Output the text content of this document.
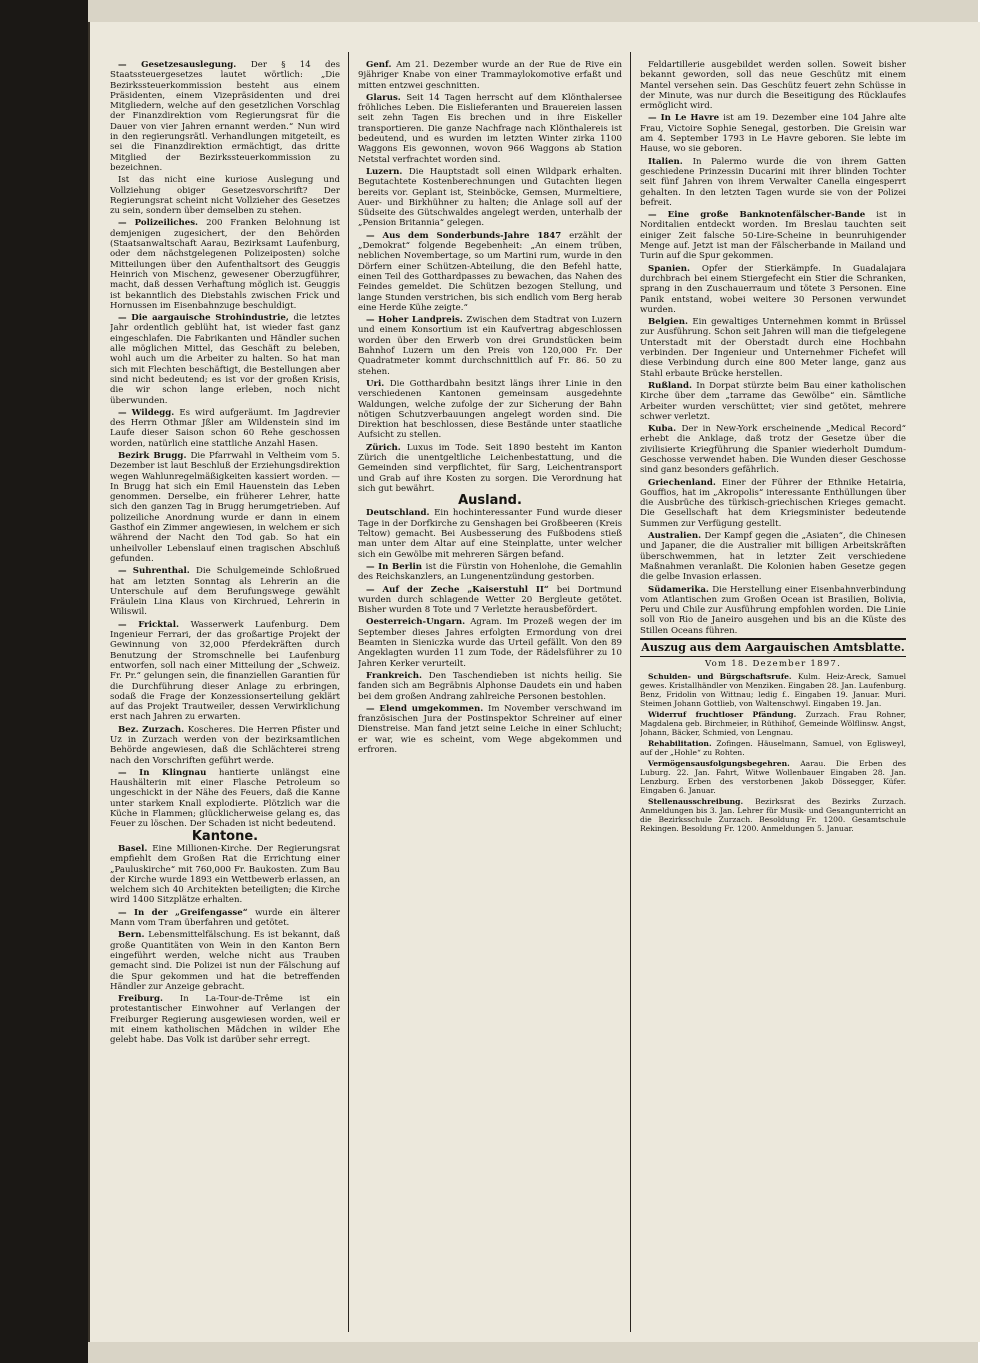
— Gesetzesauslegung. Der § 14 des Staatssteuergesetzes lautet wörtlich: „Die Bezirkssteuerkommission besteht aus einem Präsidenten, einem Vizepräsidenten und drei Mitgliedern, welche auf den gesetzlichen Vorschlag der Finanzdirektion vom Regierungsrat für die Dauer von vier Jahren ernannt werden.“ Nun wird in den regierungsrätl. Verhandlungen mitgeteilt, es sei die Finanzdirektion ermächtigt, das dritte Mitglied der Bezirkssteuerkommission zu bezeichnen.

Ist das nicht eine kuriose Auslegung und Vollziehung obiger Gesetzesvorschrift? Der Regierungsrat scheint nicht Vollzieher des Gesetzes zu sein, sondern über demselben zu stehen.

— Polizeiliches. 200 Franken Belohnung ist demjenigen zugesichert, der den Behörden (Staatsanwaltschaft Aarau, Bezirksamt Laufenburg, oder dem nächstgelegenen Polizeiposten) solche Mitteilungen über den Aufenthaltsort des Geuggis Heinrich von Mischenz, gewesener Oberzugführer, macht, daß dessen Verhaftung möglich ist. Geuggis ist bekanntlich des Diebstahls zwischen Frick und Hornussen im Eisenbahnzuge beschuldigt.

— Die aargauische Strohindustrie, die letztes Jahr ordentlich geblüht hat, ist wieder fast ganz eingeschlafen. Die Fabrikanten und Händler suchen alle möglichen Mittel, das Geschäft zu beleben, wohl auch um die Arbeiter zu halten. So hat man sich mit Flechten beschäftigt, die Bestellungen aber sind nicht bedeutend; es ist vor der großen Krisis, die wir schon lange erleben, noch nicht überwunden.

— Wildegg. Es wird aufgeräumt. Im Jagdrevier des Herrn Othmar Jßler am Wildenstein sind im Laufe dieser Saison schon 60 Rehe geschossen worden, natürlich eine stattliche Anzahl Hasen.

Bezirk Brugg. Die Pfarrwahl in Veltheim vom 5. Dezember ist laut Beschluß der Erziehungsdirektion wegen Wahlunregelmäßigkeiten kassiert worden. — In Brugg hat sich ein Emil Hauenstein das Leben genommen. Derselbe, ein früherer Lehrer, hatte sich den ganzen Tag in Brugg herumgetrieben. Auf polizeiliche Anordnung wurde er dann in einem Gasthof ein Zimmer angewiesen, in welchem er sich während der Nacht den Tod gab. So hat ein unheilvoller Lebenslauf einen tragischen Abschluß gefunden.

— Suhrenthal. Die Schulgemeinde Schloßrued hat am letzten Sonntag als Lehrerin an die Unterschule auf dem Berufungswege gewählt Fräulein Lina Klaus von Kirchrued, Lehrerin in Wiliswil.

— Fricktal. Wasserwerk Laufenburg. Dem Ingenieur Ferrari, der das großartige Projekt der Gewinnung von 32,000 Pferdekräften durch Benutzung der Stromschnelle bei Laufenburg entworfen, soll nach einer Mitteilung der „Schweiz. Fr. Pr.“ gelungen sein, die finanziellen Garantien für die Durchführung dieser Anlage zu erbringen, sodaß die Frage der Konzessionserteilung geklärt auf das Projekt Trautweiler, dessen Verwirklichung erst nach Jahren zu erwarten.

Bez. Zurzach. Koscheres. Die Herren Pfister und Uz in Zurzach werden von der bezirksamtlichen Behörde angewiesen, daß die Schlächterei streng nach den Vorschriften geführt werde.

— In Klingnau hantierte unlängst eine Haushälterin mit einer Flasche Petroleum so ungeschickt in der Nähe des Feuers, daß die Kanne unter starkem Knall explodierte. Plötzlich war die Küche in Flammen; glücklicherweise gelang es, das Feuer zu löschen. Der Schaden ist nicht bedeutend.

Kantone.

Basel. Eine Millionen-Kirche. Der Regierungsrat empfiehlt dem Großen Rat die Errichtung einer „Pauluskirche“ mit 760,000 Fr. Baukosten. Zum Bau der Kirche wurde 1893 ein Wettbewerb erlassen, an welchem sich 40 Architekten beteiligten; die Kirche wird 1400 Sitzplätze erhalten.

— In der „Greifengasse“ wurde ein älterer Mann vom Tram überfahren und getötet.

Bern. Lebensmittelfälschung. Es ist bekannt, daß große Quantitäten von Wein in den Kanton Bern eingeführt werden, welche nicht aus Trauben gemacht sind. Die Polizei ist nun der Fälschung auf die Spur gekommen und hat die betreffenden Händler zur Anzeige gebracht.

Freiburg. In La-Tour-de-Trême ist ein protestantischer Einwohner auf Verlangen der Freiburger Regierung ausgewiesen worden, weil er mit einem katholischen Mädchen in wilder Ehe gelebt habe. Das Volk ist darüber sehr erregt.

Genf. Am 21. Dezember wurde an der Rue de Rive ein 9jähriger Knabe von einer Trammaylokomotive erfaßt und mitten entzwei geschnitten.

Glarus. Seit 14 Tagen herrscht auf dem Klönthalersee fröhliches Leben. Die Eislieferanten und Brauereien lassen seit zehn Tagen Eis brechen und in ihre Eiskeller transportieren. Die ganze Nachfrage nach Klönthalereis ist bedeutend, und es wurden im letzten Winter zirka 1100 Waggons Eis gewonnen, wovon 966 Waggons ab Station Netstal verfrachtet worden sind.

Luzern. Die Hauptstadt soll einen Wildpark erhalten. Begutachtete Kostenberechnungen und Gutachten liegen bereits vor. Geplant ist, Steinböcke, Gemsen, Murmeltiere, Auer- und Birkhühner zu halten; die Anlage soll auf der Südseite des Gütschwaldes angelegt werden, unterhalb der „Pension Britannia“ gelegen.

— Aus dem Sonderbunds-Jahre 1847 erzählt der „Demokrat“ folgende Begebenheit: „An einem trüben, neblichen Novembertage, so um Martini rum, wurde in den Dörfern einer Schützen-Abteilung, die den Befehl hatte, einen Teil des Gotthardpasses zu bewachen, das Nahen des Feindes gemeldet. Die Schützen bezogen Stellung, und lange Stunden verstrichen, bis sich endlich vom Berg herab eine Herde Kühe zeigte.“

— Hoher Landpreis. Zwischen dem Stadtrat von Luzern und einem Konsortium ist ein Kaufvertrag abgeschlossen worden über den Erwerb von drei Grundstücken beim Bahnhof Luzern um den Preis von 120,000 Fr. Der Quadratmeter kommt durchschnittlich auf Fr. 86. 50 zu stehen.

Uri. Die Gotthardbahn besitzt längs ihrer Linie in den verschiedenen Kantonen gemeinsam ausgedehnte Waldungen, welche zufolge der zur Sicherung der Bahn nötigen Schutzverbauungen angelegt worden sind. Die Direktion hat beschlossen, diese Bestände unter staatliche Aufsicht zu stellen.

Zürich. Luxus im Tode. Seit 1890 besteht im Kanton Zürich die unentgeltliche Leichenbestattung, und die Gemeinden sind verpflichtet, für Sarg, Leichentransport und Grab auf ihre Kosten zu sorgen. Die Verordnung hat sich gut bewährt.

Ausland.

Deutschland. Ein hochinteressanter Fund wurde dieser Tage in der Dorfkirche zu Genshagen bei Großbeeren (Kreis Teltow) gemacht. Bei Ausbesserung des Fußbodens stieß man unter dem Altar auf eine Steinplatte, unter welcher sich ein Gewölbe mit mehreren Särgen befand.

— In Berlin ist die Fürstin von Hohenlohe, die Gemahlin des Reichskanzlers, an Lungenentzündung gestorben.

— Auf der Zeche „Kaiserstuhl II“ bei Dortmund wurden durch schlagende Wetter 20 Bergleute getötet. Bisher wurden 8 Tote und 7 Verletzte herausbefördert.

Oesterreich-Ungarn. Agram. Im Prozeß wegen der im September dieses Jahres erfolgten Ermordung von drei Beamten in Sieniczka wurde das Urteil gefällt. Von den 89 Angeklagten wurden 11 zum Tode, der Rädelsführer zu 10 Jahren Kerker verurteilt.

Frankreich. Den Taschendieben ist nichts heilig. Sie fanden sich am Begräbnis Alphonse Daudets ein und haben bei dem großen Andrang zahlreiche Personen bestohlen.

— Elend umgekommen. Im November verschwand im französischen Jura der Postinspektor Schreiner auf einer Dienstreise. Man fand jetzt seine Leiche in einer Schlucht; er war, wie es scheint, vom Wege abgekommen und erfroren.

Feldartillerie ausgebildet werden sollen. Soweit bisher bekannt geworden, soll das neue Geschütz mit einem Mantel versehen sein. Das Geschütz feuert zehn Schüsse in der Minute, was nur durch die Beseitigung des Rücklaufes ermöglicht wird.

— In Le Havre ist am 19. Dezember eine 104 Jahre alte Frau, Victoire Sophie Senegal, gestorben. Die Greisin war am 4. September 1793 in Le Havre geboren. Sie lebte im Hause, wo sie geboren.

Italien. In Palermo wurde die von ihrem Gatten geschiedene Prinzessin Ducarini mit ihrer blinden Tochter seit fünf Jahren von ihrem Verwalter Canella eingesperrt gehalten. In den letzten Tagen wurde sie von der Polizei befreit.

— Eine große Banknotenfälscher-Bande ist in Norditalien entdeckt worden. Im Breslau tauchten seit einiger Zeit falsche 50-Lire-Scheine in beunruhigender Menge auf. Jetzt ist man der Fälscherbande in Mailand und Turin auf die Spur gekommen.

Spanien. Opfer der Stierkämpfe. In Guadalajara durchbrach bei einem Stiergefecht ein Stier die Schranken, sprang in den Zuschauerraum und tötete 3 Personen. Eine Panik entstand, wobei weitere 30 Personen verwundet wurden.

Belgien. Ein gewaltiges Unternehmen kommt in Brüssel zur Ausführung. Schon seit Jahren will man die tiefgelegene Unterstadt mit der Oberstadt durch eine Hochbahn verbinden. Der Ingenieur und Unternehmer Fichefet will diese Verbindung durch eine 800 Meter lange, ganz aus Stahl erbaute Brücke herstellen.

Rußland. In Dorpat stürzte beim Bau einer katholischen Kirche über dem „tarrame das Gewölbe“ ein. Sämtliche Arbeiter wurden verschüttet; vier sind getötet, mehrere schwer verletzt.

Kuba. Der in New-York erscheinende „Medical Record“ erhebt die Anklage, daß trotz der Gesetze über die zivilisierte Kriegführung die Spanier wiederholt Dumdum-Geschosse verwendet haben. Die Wunden dieser Geschosse sind ganz besonders gefährlich.

Griechenland. Einer der Führer der Ethnike Hetairia, Gouffios, hat im „Akropolis“ interessante Enthüllungen über die Ausbrüche des türkisch-griechischen Krieges gemacht. Die Gesellschaft hat dem Kriegsminister bedeutende Summen zur Verfügung gestellt.

Australien. Der Kampf gegen die „Asiaten“, die Chinesen und Japaner, die die Australier mit billigen Arbeitskräften überschwemmen, hat in letzter Zeit verschiedene Maßnahmen veranlaßt. Die Kolonien haben Gesetze gegen die gelbe Invasion erlassen.

Südamerika. Die Herstellung einer Eisenbahnverbindung vom Atlantischen zum Großen Ocean ist Brasilien, Bolivia, Peru und Chile zur Ausführung empfohlen worden. Die Linie soll von Rio de Janeiro ausgehen und bis an die Küste des Stillen Oceans führen.

Auszug aus dem Aargauischen Amtsblatte.

Vom 18. Dezember 1897.

Schulden- und Bürgschaftsrufe. Kulm. Heiz-Areck, Samuel gewes. Kristallhändler von Menziken. Eingaben 28. Jan. Laufenburg. Benz, Fridolin von Wittnau; ledig f.. Eingaben 19. Januar. Muri. Steimen Johann Gottlieb, von Waltenschwyl. Eingaben 19. Jan.

Widerruf fruchtloser Pfändung. Zurzach. Frau Rohner, Magdalena geb. Birchmeier, in Rüthihof, Gemeinde Wölflinsw. Angst, Johann, Bäcker, Schmied, von Lengnau.

Rehabilitation. Zofingen. Häuselmann, Samuel, von Eglisweyl, auf der „Hohle“ zu Rohten.

Vermögensausfolgungsbegehren. Aarau. Die Erben des Luburg. 22. Jan. Fahrt, Witwe Wollenbauer Eingaben 28. Jan. Lenzburg. Erben des verstorbenen Jakob Dössegger, Küfer. Eingaben 6. Januar.

Stellenausschreibung. Bezirksrat des Bezirks Zurzach. Anmeldungen bis 3. Jan. Lehrer für Musik- und Gesangunterricht an die Bezirksschule Zurzach. Besoldung Fr. 1200. Gesamtschule Rekingen. Besoldung Fr. 1200. Anmeldungen 5. Januar.
